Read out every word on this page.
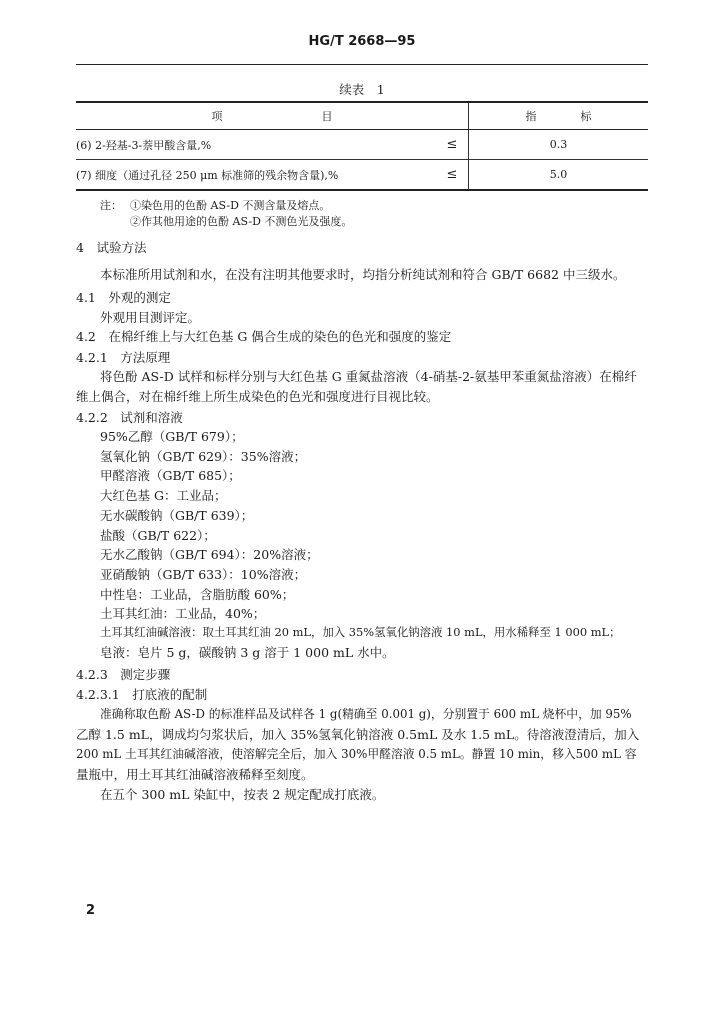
HG/T 2668—95
续表　1
项　　　　　　　　　目		指　　　　标
(6) 2-羟基-3-萘甲酸含量,%	≤	0.3
(7) 细度（通过孔径 250 μm 标准筛的残余物含量),%	≤	5.0
注： ①染色用的色酚 AS-D 不测含量及熔点。
②作其他用途的色酚 AS-D 不测色光及强度。
4　试验方法
本标准所用试剂和水，在没有注明其他要求时，均指分析纯试剂和符合 GB/T 6682 中三级水。
4.1　外观的测定
外观用目测评定。
4.2　在棉纤维上与大红色基 G 偶合生成的染色的色光和强度的鉴定
4.2.1　方法原理
将色酚 AS-D 试样和标样分别与大红色基 G 重氮盐溶液（4-硝基-2-氨基甲苯重氮盐溶液）在棉纤
维上偶合，对在棉纤维上所生成染色的色光和强度进行目视比较。
4.2.2　试剂和溶液
95%乙醇（GB/T 679）；
氢氧化钠（GB/T 629）：35%溶液；
甲醛溶液（GB/T 685）；
大红色基 G：工业品；
无水碳酸钠（GB/T 639）；
盐酸（GB/T 622）；
无水乙酸钠（GB/T 694）：20%溶液；
亚硝酸钠（GB/T 633）：10%溶液；
中性皂：工业品，含脂肪酸 60%；
土耳其红油：工业品，40%；
土耳其红油碱溶液：取土耳其红油 20 mL，加入 35%氢氧化钠溶液 10 mL，用水稀释至 1 000 mL；
皂液：皂片 5 g，碳酸钠 3 g 溶于 1 000 mL 水中。
4.2.3　测定步骤
4.2.3.1　打底液的配制
准确称取色酚 AS-D 的标准样品及试样各 1 g(精确至 0.001 g)，分别置于 600 mL 烧杯中，加 95%
乙醇 1.5 mL，调成均匀浆状后，加入 35%氢氧化钠溶液 0.5mL 及水 1.5 mL。待溶液澄清后，加入
200 mL 土耳其红油碱溶液，使溶解完全后，加入 30%甲醛溶液 0.5 mL。静置 10 min，移入500 mL 容
量瓶中，用土耳其红油碱溶液稀释至刻度。
在五个 300 mL 染缸中，按表 2 规定配成打底液。
2
